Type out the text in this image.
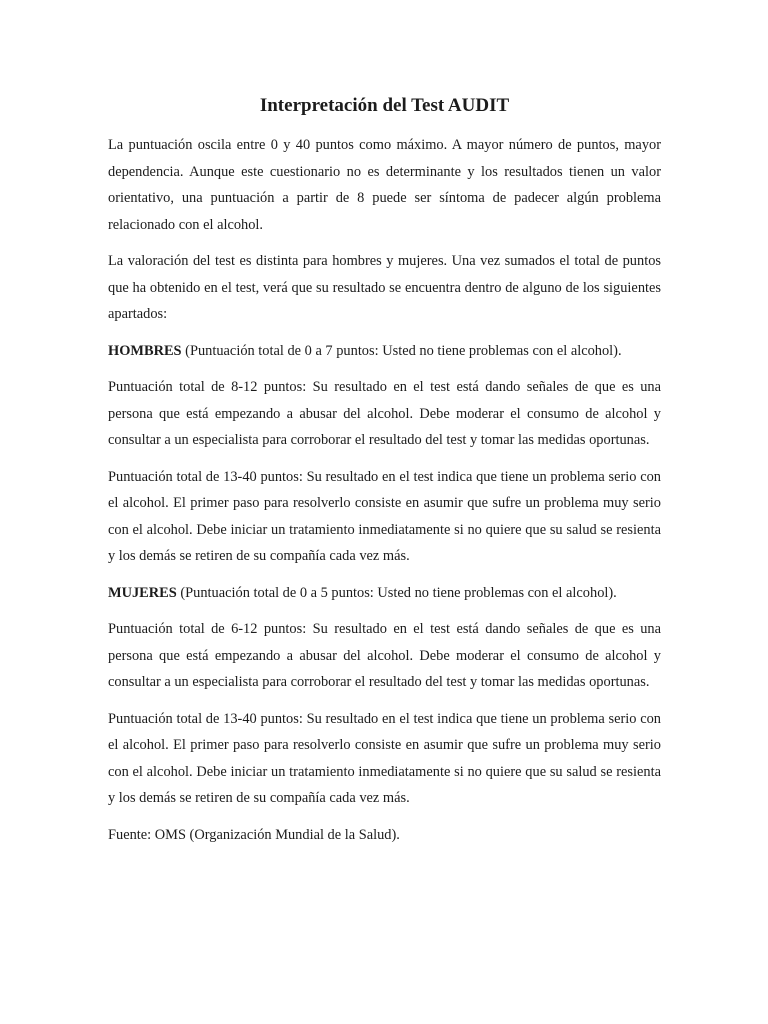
Interpretación del Test AUDIT

La puntuación oscila entre 0 y 40 puntos como máximo. A mayor número de puntos, mayor dependencia. Aunque este cuestionario no es determinante y los resultados tienen un valor orientativo, una puntuación a partir de 8 puede ser síntoma de padecer algún problema relacionado con el alcohol.

La valoración del test es distinta para hombres y mujeres. Una vez sumados el total de puntos que ha obtenido en el test, verá que su resultado se encuentra dentro de alguno de los siguientes apartados:

HOMBRES (Puntuación total de 0 a 7 puntos: Usted no tiene problemas con el alcohol).

Puntuación total de 8-12 puntos: Su resultado en el test está dando señales de que es una persona que está empezando a abusar del alcohol. Debe moderar el consumo de alcohol y consultar a un especialista para corroborar el resultado del test y tomar las medidas oportunas.

Puntuación total de 13-40 puntos: Su resultado en el test indica que tiene un problema serio con el alcohol. El primer paso para resolverlo consiste en asumir que sufre un problema muy serio con el alcohol. Debe iniciar un tratamiento inmediatamente si no quiere que su salud se resienta y los demás se retiren de su compañía cada vez más.

MUJERES (Puntuación total de 0 a 5 puntos: Usted no tiene problemas con el alcohol).

Puntuación total de 6-12 puntos: Su resultado en el test está dando señales de que es una persona que está empezando a abusar del alcohol. Debe moderar el consumo de alcohol y consultar a un especialista para corroborar el resultado del test y tomar las medidas oportunas.

Puntuación total de 13-40 puntos: Su resultado en el test indica que tiene un problema serio con el alcohol. El primer paso para resolverlo consiste en asumir que sufre un problema muy serio con el alcohol. Debe iniciar un tratamiento inmediatamente si no quiere que su salud se resienta y los demás se retiren de su compañía cada vez más.

Fuente: OMS (Organización Mundial de la Salud).
